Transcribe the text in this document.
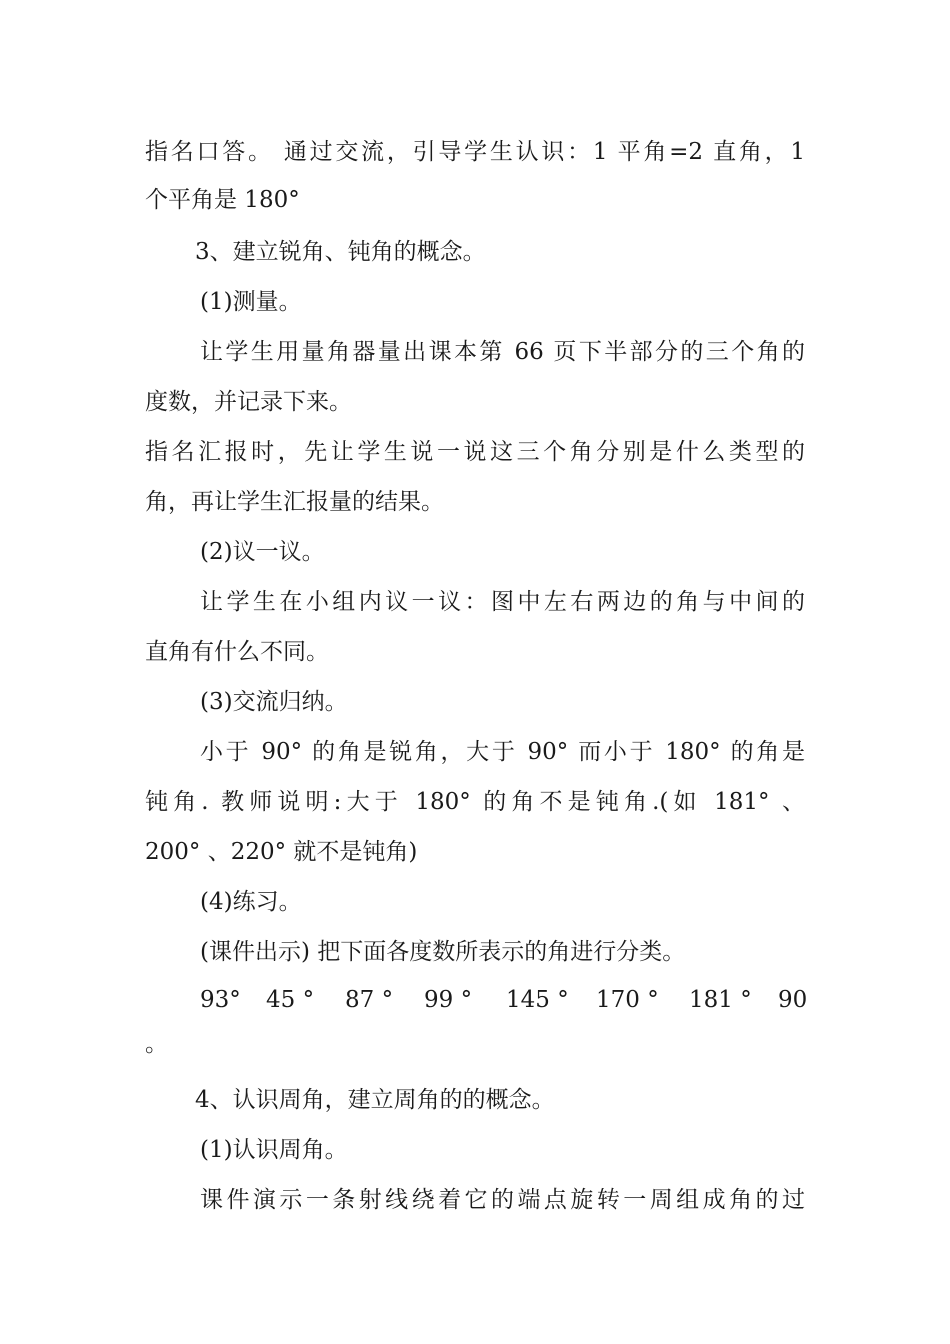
指名口答。 通过交流，引导学生认识：1 平角=2 直角，1
个平角是 180°
3、建立锐角、钝角的概念。
(1)测量。
让学生用量角器量出课本第 66 页下半部分的三个角的
度数，并记录下来。
指名汇报时，先让学生说一说这三个角分别是什么类型的
角，再让学生汇报量的结果。
(2)议一议。
让学生在小组内议一议：图中左右两边的角与中间的
直角有什么不同。
(3)交流归纳。
小于 90° 的角是锐角，大于 90° 而小于 180° 的角是
钝角. 教师说明:大于 180° 的角不是钝角.(如 181° 、
200° 、220° 就不是钝角)
(4)练习。
(课件出示) 把下面各度数所表示的角进行分类。
93° 45 ° 87 ° 99 ° 145 ° 170 ° 181 ° 90
。
4、认识周角，建立周角的的概念。
(1)认识周角。
课件演示一条射线绕着它的端点旋转一周组成角的过
